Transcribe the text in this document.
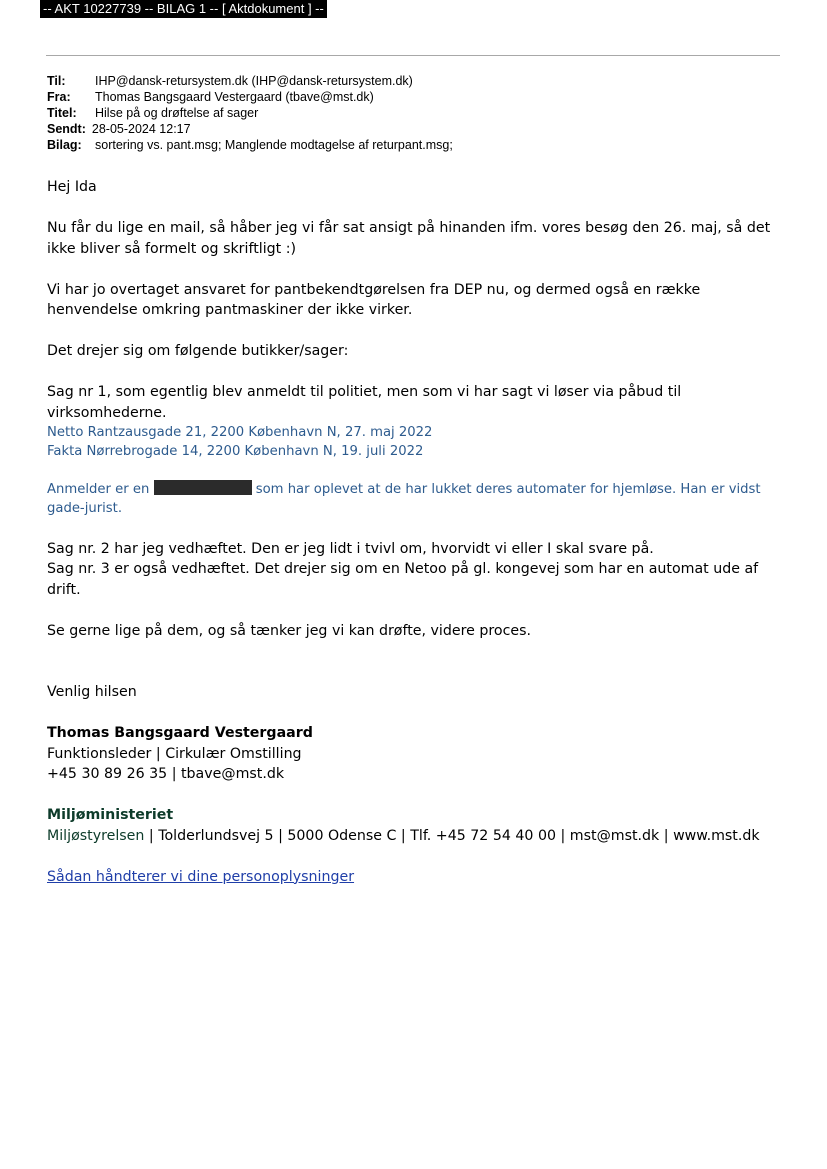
-- AKT 10227739 -- BILAG 1 -- [ Aktdokument ] --
Til:	IHP@dansk-retursystem.dk (IHP@dansk-retursystem.dk)
Fra:	Thomas Bangsgaard Vestergaard (tbave@mst.dk)
Titel:	Hilse på og drøftelse af sager
Sendt: 28-05-2024 12:17
Bilag:	sortering vs. pant.msg; Manglende modtagelse af returpant.msg;

Hej Ida

Nu får du lige en mail, så håber jeg vi får sat ansigt på hinanden ifm. vores besøg den 26. maj, så det ikke bliver så formelt og skriftligt :)

Vi har jo overtaget ansvaret for pantbekendtgørelsen fra DEP nu, og dermed også en række henvendelse omkring pantmaskiner der ikke virker.

Det drejer sig om følgende butikker/sager:

Sag nr 1, som egentlig blev anmeldt til politiet, men som vi har sagt vi løser via påbud til virksomhederne.

Netto Rantzausgade 21, 2200 København N, 27. maj 2022
Fakta Nørrebrogade 14, 2200 København N, 19. juli 2022
Anmelder er en	som har oplevet at de har lukket deres automater for hjemløse. Han er vidst gade-jurist.

Sag nr. 2 har jeg vedhæftet. Den er jeg lidt i tvivl om, hvorvidt vi eller I skal svare på.

Sag nr. 3 er også vedhæftet. Det drejer sig om en Netoo på gl. kongevej som har en automat ude af drift.

Se gerne lige på dem, og så tænker jeg vi kan drøfte, videre proces.

Venlig hilsen

Thomas Bangsgaard Vestergaard

Funktionsleder | Cirkulær Omstilling

+45 30 89 26 35 | tbave@mst.dk

Miljøministeriet

Miljøstyrelsen | Tolderlundsvej 5 | 5000 Odense C | Tlf. +45 72 54 40 00 | mst@mst.dk | www.mst.dk

Sådan håndterer vi dine personoplysninger
